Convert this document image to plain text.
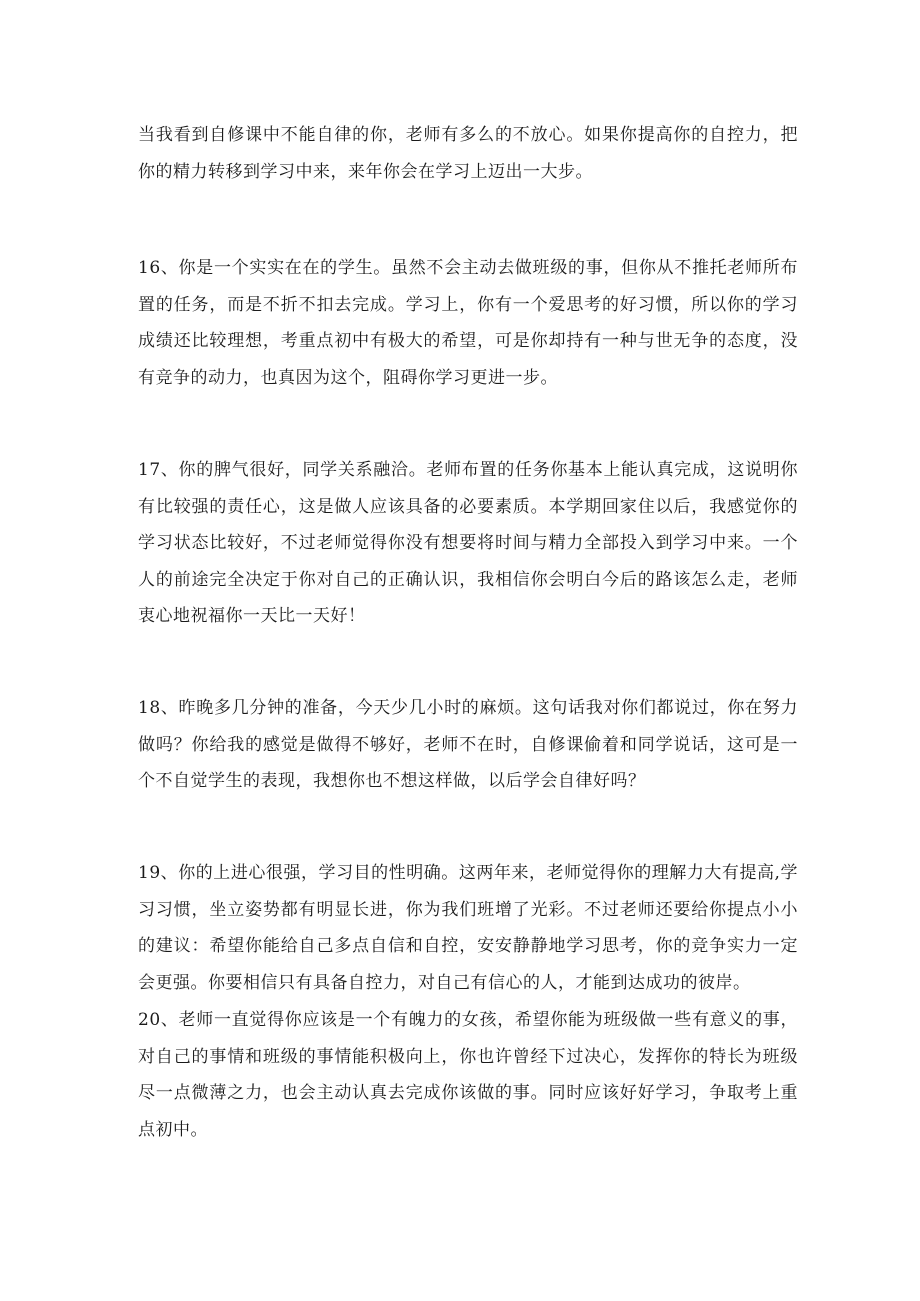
当我看到自修课中不能自律的你，老师有多么的不放心。如果你提高你的自控力，把你的精力转移到学习中来，来年你会在学习上迈出一大步。

16、你是一个实实在在的学生。虽然不会主动去做班级的事，但你从不推托老师所布置的任务，而是不折不扣去完成。学习上，你有一个爱思考的好习惯，所以你的学习成绩还比较理想，考重点初中有极大的希望，可是你却持有一种与世无争的态度，没有竞争的动力，也真因为这个，阻碍你学习更进一步。

17、你的脾气很好，同学关系融洽。老师布置的任务你基本上能认真完成，这说明你有比较强的责任心，这是做人应该具备的必要素质。本学期回家住以后，我感觉你的学习状态比较好，不过老师觉得你没有想要将时间与精力全部投入到学习中来。一个人的前途完全决定于你对自己的正确认识，我相信你会明白今后的路该怎么走，老师衷心地祝福你一天比一天好！

18、昨晚多几分钟的准备，今天少几小时的麻烦。这句话我对你们都说过，你在努力做吗？你给我的感觉是做得不够好，老师不在时，自修课偷着和同学说话，这可是一个不自觉学生的表现，我想你也不想这样做，以后学会自律好吗？

19、你的上进心很强，学习目的性明确。这两年来，老师觉得你的理解力大有提高,学习习惯，坐立姿势都有明显长进，你为我们班增了光彩。不过老师还要给你提点小小的建议：希望你能给自己多点自信和自控，安安静静地学习思考，你的竞争实力一定会更强。你要相信只有具备自控力，对自己有信心的人，才能到达成功的彼岸。

20、老师一直觉得你应该是一个有魄力的女孩，希望你能为班级做一些有意义的事，对自己的事情和班级的事情能积极向上，你也许曾经下过决心，发挥你的特长为班级尽一点微薄之力，也会主动认真去完成你该做的事。同时应该好好学习，争取考上重点初中。
